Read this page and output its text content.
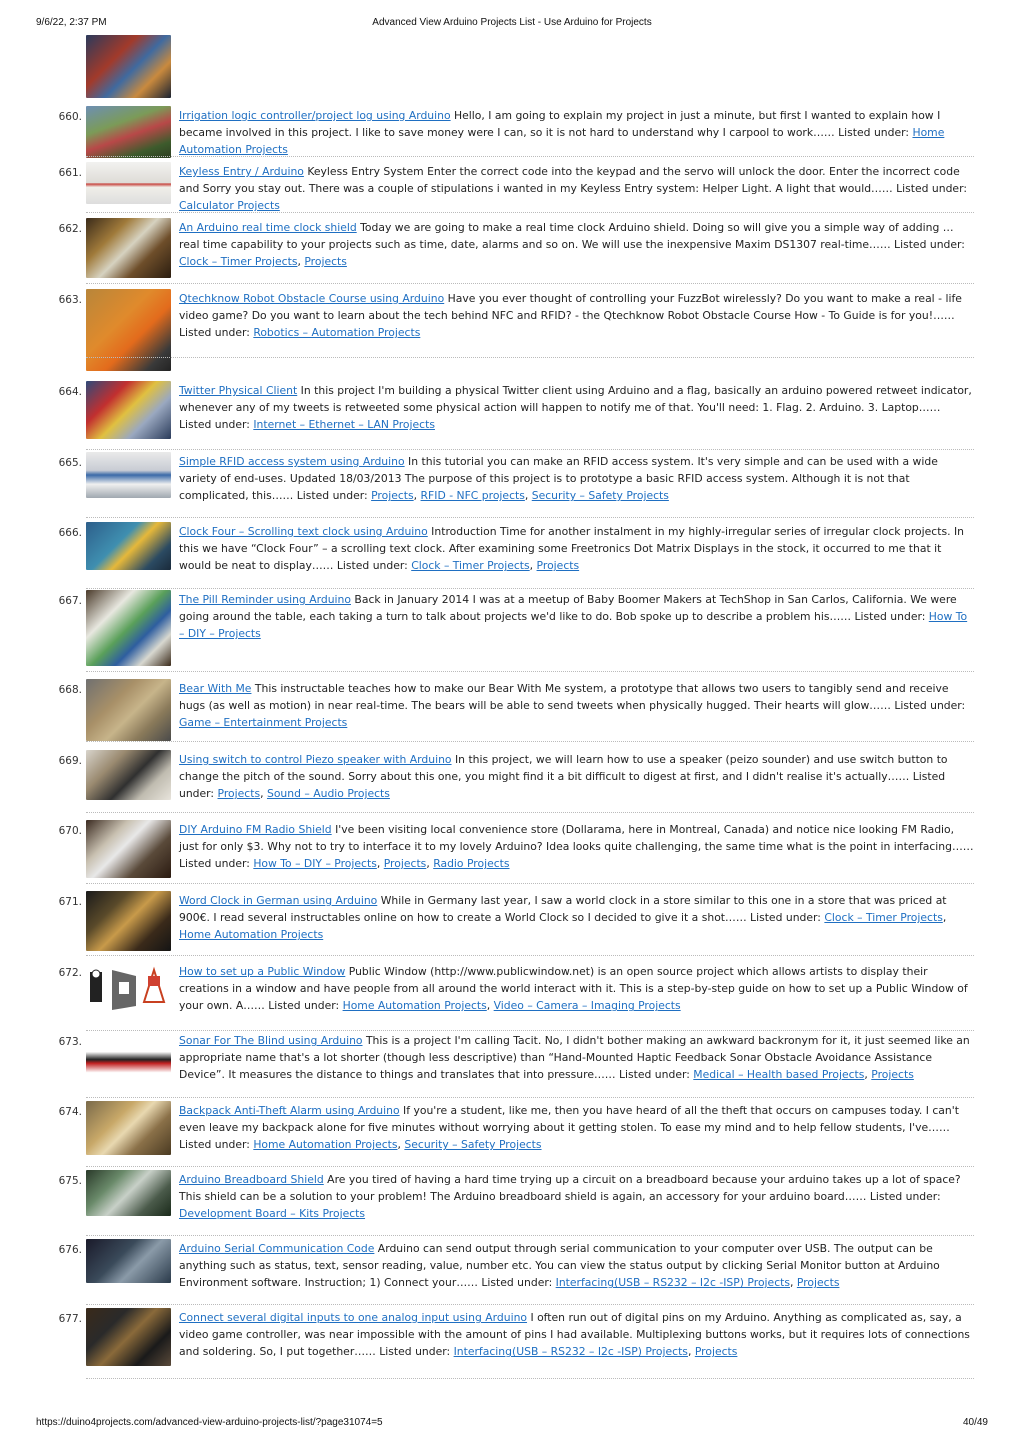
9/6/22, 2:37 PM	Advanced View Arduino Projects List - Use Arduino for Projects
660.	Irrigation logic controller/project log using Arduino Hello, I am going to explain my project in just a minute, but first I wanted to explain how I became involved in this project. I like to save money were I can, so it is not hard to understand why I carpool to work…… Listed under: Home Automation Projects
661.	Keyless Entry / Arduino Keyless Entry System Enter the correct code into the keypad and the servo will unlock the door. Enter the incorrect code and Sorry you stay out. There was a couple of stipulations i wanted in my Keyless Entry system: Helper Light. A light that would…… Listed under: Calculator Projects
662.	An Arduino real time clock shield Today we are going to make a real time clock Arduino shield. Doing so will give you a simple way of adding … real time capability to your projects such as time, date, alarms and so on. We will use the inexpensive Maxim DS1307 real-time…… Listed under: Clock – Timer Projects, Projects
663.	Qtechknow Robot Obstacle Course using Arduino Have you ever thought of controlling your FuzzBot wirelessly? Do you want to make a real - life video game? Do you want to learn about the tech behind NFC and RFID? - the Qtechknow Robot Obstacle Course How - To Guide is for you!…… Listed under: Robotics – Automation Projects
664.	Twitter Physical Client In this project I'm building a physical Twitter client using Arduino and a flag, basically an arduino powered retweet indicator, whenever any of my tweets is retweeted some physical action will happen to notify me of that. You'll need: 1. Flag. 2. Arduino. 3. Laptop…… Listed under: Internet – Ethernet – LAN Projects
665.	Simple RFID access system using Arduino In this tutorial you can make an RFID access system. It's very simple and can be used with a wide variety of end-uses. Updated 18/03/2013 The purpose of this project is to prototype a basic RFID access system. Although it is not that complicated, this…… Listed under: Projects, RFID - NFC projects, Security – Safety Projects
666.	Clock Four – Scrolling text clock using Arduino Introduction Time for another instalment in my highly-irregular series of irregular clock projects. In this we have “Clock Four” – a scrolling text clock. After examining some Freetronics Dot Matrix Displays in the stock, it occurred to me that it would be neat to display…… Listed under: Clock – Timer Projects, Projects
667.	The Pill Reminder using Arduino Back in January 2014 I was at a meetup of Baby Boomer Makers at TechShop in San Carlos, California. We were going around the table, each taking a turn to talk about projects we'd like to do. Bob spoke up to describe a problem his…… Listed under: How To – DIY – Projects
668.	Bear With Me This instructable teaches how to make our Bear With Me system, a prototype that allows two users to tangibly send and receive hugs (as well as motion) in near real-time. The bears will be able to send tweets when physically hugged. Their hearts will glow…… Listed under: Game – Entertainment Projects
669.	Using switch to control Piezo speaker with Arduino In this project, we will learn how to use a speaker (peizo sounder) and use switch button to change the pitch of the sound. Sorry about this one, you might find it a bit difficult to digest at first, and I didn't realise it's actually…… Listed under: Projects, Sound – Audio Projects
670.	DIY Arduino FM Radio Shield I've been visiting local convenience store (Dollarama, here in Montreal, Canada) and notice nice looking FM Radio, just for only $3. Why not to try to interface it to my lovely Arduino? Idea looks quite challenging, the same time what is the point in interfacing…… Listed under: How To – DIY – Projects, Projects, Radio Projects
671.	Word Clock in German using Arduino While in Germany last year, I saw a world clock in a store similar to this one in a store that was priced at 900€. I read several instructables online on how to create a World Clock so I decided to give it a shot…… Listed under: Clock – Timer Projects, Home Automation Projects
672.	How to set up a Public Window Public Window (http://www.publicwindow.net) is an open source project which allows artists to display their creations in a window and have people from all around the world interact with it. This is a step-by-step guide on how to set up a Public Window of your own. A…… Listed under: Home Automation Projects, Video – Camera – Imaging Projects
673.	Sonar For The Blind using Arduino This is a project I'm calling Tacit. No, I didn't bother making an awkward backronym for it, it just seemed like an appropriate name that's a lot shorter (though less descriptive) than “Hand-Mounted Haptic Feedback Sonar Obstacle Avoidance Assistance Device”. It measures the distance to things and translates that into pressure…… Listed under: Medical – Health based Projects, Projects
674.	Backpack Anti-Theft Alarm using Arduino If you're a student, like me, then you have heard of all the theft that occurs on campuses today. I can't even leave my backpack alone for five minutes without worrying about it getting stolen. To ease my mind and to help fellow students, I've…… Listed under: Home Automation Projects, Security – Safety Projects
675.	Arduino Breadboard Shield Are you tired of having a hard time trying up a circuit on a breadboard because your arduino takes up a lot of space? This shield can be a solution to your problem! The Arduino breadboard shield is again, an accessory for your arduino board…… Listed under: Development Board – Kits Projects
676.	Arduino Serial Communication Code Arduino can send output through serial communication to your computer over USB. The output can be anything such as status, text, sensor reading, value, number etc. You can view the status output by clicking Serial Monitor button at Arduino Environment software. Instruction; 1) Connect your…… Listed under: Interfacing(USB – RS232 – I2c -ISP) Projects, Projects
677.	Connect several digital inputs to one analog input using Arduino I often run out of digital pins on my Arduino. Anything as complicated as, say, a video game controller, was near impossible with the amount of pins I had available. Multiplexing buttons works, but it requires lots of connections and soldering. So, I put together…… Listed under: Interfacing(USB – RS232 – I2c -ISP) Projects, Projects
https://duino4projects.com/advanced-view-arduino-projects-list/?page31074=5	40/49
